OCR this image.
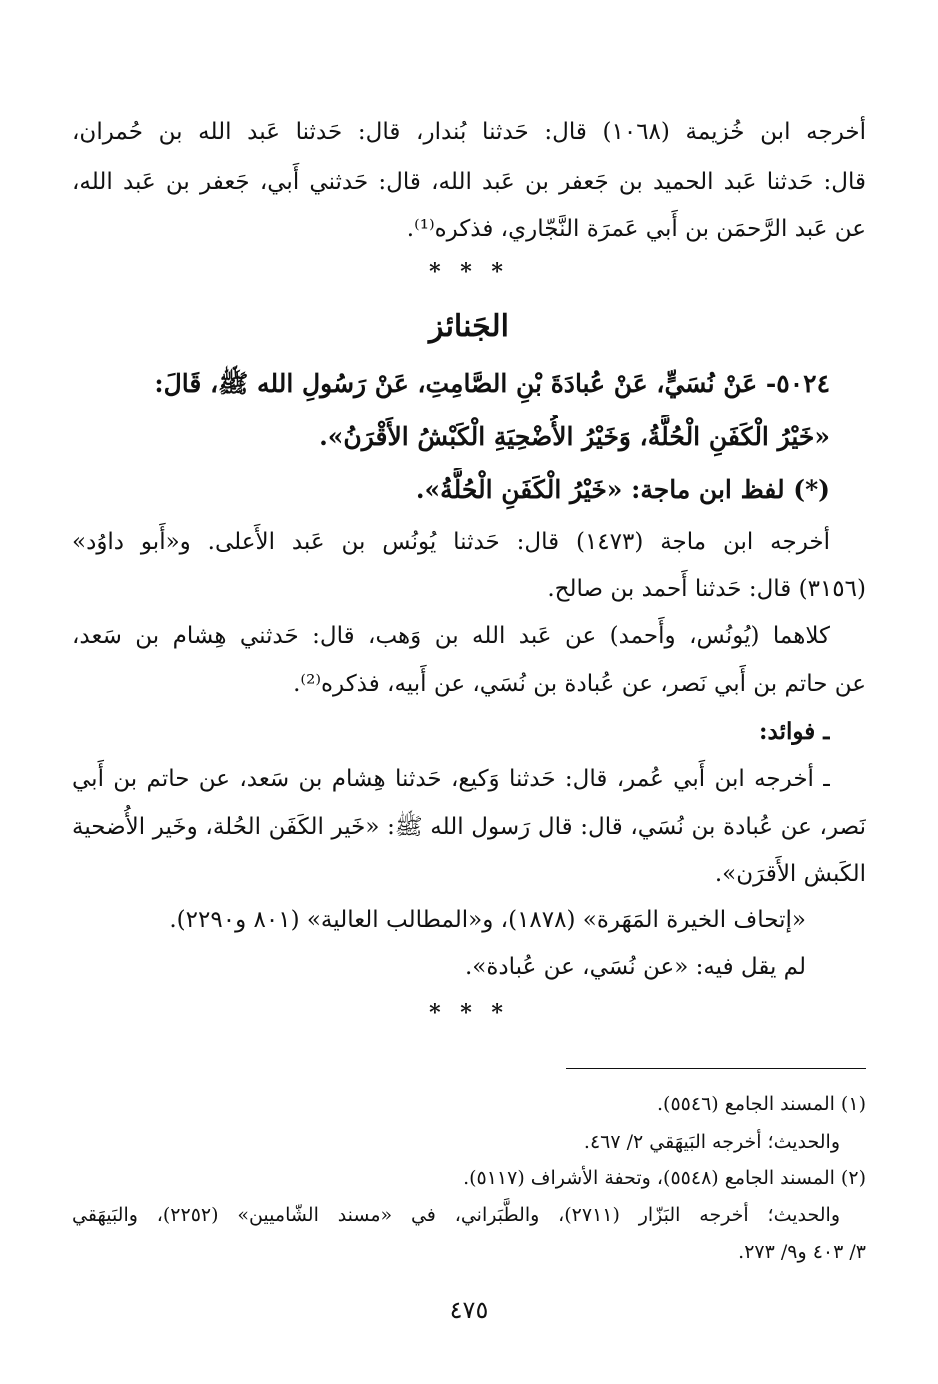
أخرجه ابن خُزيمة (١٠٦٨) قال: حَدثنا بُندار، قال: حَدثنا عَبد الله بن حُمران،
قال: حَدثنا عَبد الحميد بن جَعفر بن عَبد الله، قال: حَدثني أَبي، جَعفر بن عَبد الله،
عن عَبد الرَّحمَن بن أَبي عَمرَة النَّجّاري، فذكره⁽¹⁾.
* * *
الجَنائز
٥٠٢٤- عَنْ نُسَيٍّ، عَنْ عُبادَةَ بْنِ الصَّامِتِ، عَنْ رَسُولِ الله ﷺ، قَالَ:
«خَيْرُ الْكَفَنِ الْحُلَّةُ، وَخَيْرُ الأُضْحِيَةِ الْكَبْشُ الأَقْرَنُ».
(*) لفظ ابن ماجة: «خَيْرُ الْكَفَنِ الْحُلَّةُ».
أخرجه ابن ماجة (١٤٧٣) قال: حَدثنا يُونُس بن عَبد الأَعلى. و«أَبو داوُد»
(٣١٥٦) قال: حَدثنا أَحمد بن صالح.
كلاهما (يُونُس، وأَحمد) عن عَبد الله بن وَهب، قال: حَدثني هِشام بن سَعد،
عن حاتم بن أَبي نَصر، عن عُبادة بن نُسَي، عن أَبيه، فذكره⁽²⁾.
ـ فوائد:
ـ أخرجه ابن أَبي عُمر، قال: حَدثنا وَكيع، حَدثنا هِشام بن سَعد، عن حاتم بن أَبي
نَصر، عن عُبادة بن نُسَي، قال: قال رَسول الله ﷺ: «خَير الكَفَن الحُلة، وخَير الأُضحية
الكَبش الأَقرَن».
«إتحاف الخيرة المَهَرة» (١٨٧٨)، و«المطالب العالية» (٨٠١ و٢٢٩٠).
لم يقل فيه: «عن نُسَي، عن عُبادة».
* * *
(١) المسند الجامع (٥٥٤٦).
والحديث؛ أخرجه البَيهَقي ٢/ ٤٦٧.
(٢) المسند الجامع (٥٥٤٨)، وتحفة الأشراف (٥١١٧).
والحديث؛ أخرجه البَزّار (٢٧١١)، والطَّبَراني، في «مسند الشّاميين» (٢٢٥٢)، والبَيهَقي
٣/ ٤٠٣ و٩/ ٢٧٣.
٤٧٥
